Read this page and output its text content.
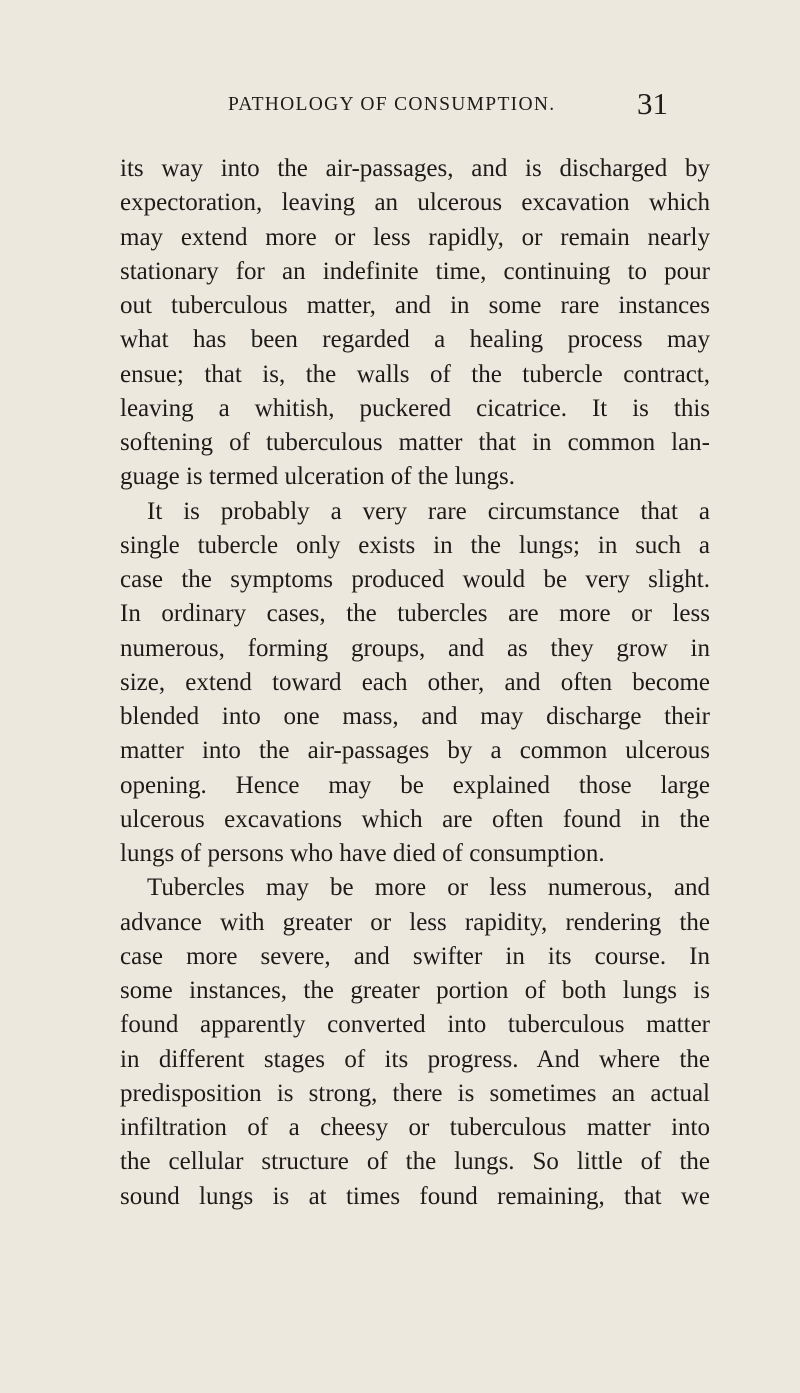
PATHOLOGY OF CONSUMPTION.	31
its way into the air-passages, and is discharged by
expectoration, leaving an ulcerous excavation which
may extend more or less rapidly, or remain nearly
stationary for an indefinite time, continuing to pour
out tuberculous matter, and in some rare instances
what has been regarded a healing process may
ensue; that is, the walls of the tubercle contract,
leaving a whitish, puckered cicatrice. It is this
softening of tuberculous matter that in common lan-
guage is termed ulceration of the lungs.
It is probably a very rare circumstance that a
single tubercle only exists in the lungs; in such a
case the symptoms produced would be very slight.
In ordinary cases, the tubercles are more or less
numerous, forming groups, and as they grow in
size, extend toward each other, and often become
blended into one mass, and may discharge their
matter into the air-passages by a common ulcerous
opening. Hence may be explained those large
ulcerous excavations which are often found in the
lungs of persons who have died of consumption.
Tubercles may be more or less numerous, and
advance with greater or less rapidity, rendering the
case more severe, and swifter in its course. In
some instances, the greater portion of both lungs is
found apparently converted into tuberculous matter
in different stages of its progress. And where the
predisposition is strong, there is sometimes an actual
infiltration of a cheesy or tuberculous matter into
the cellular structure of the lungs. So little of the
sound lungs is at times found remaining, that we
